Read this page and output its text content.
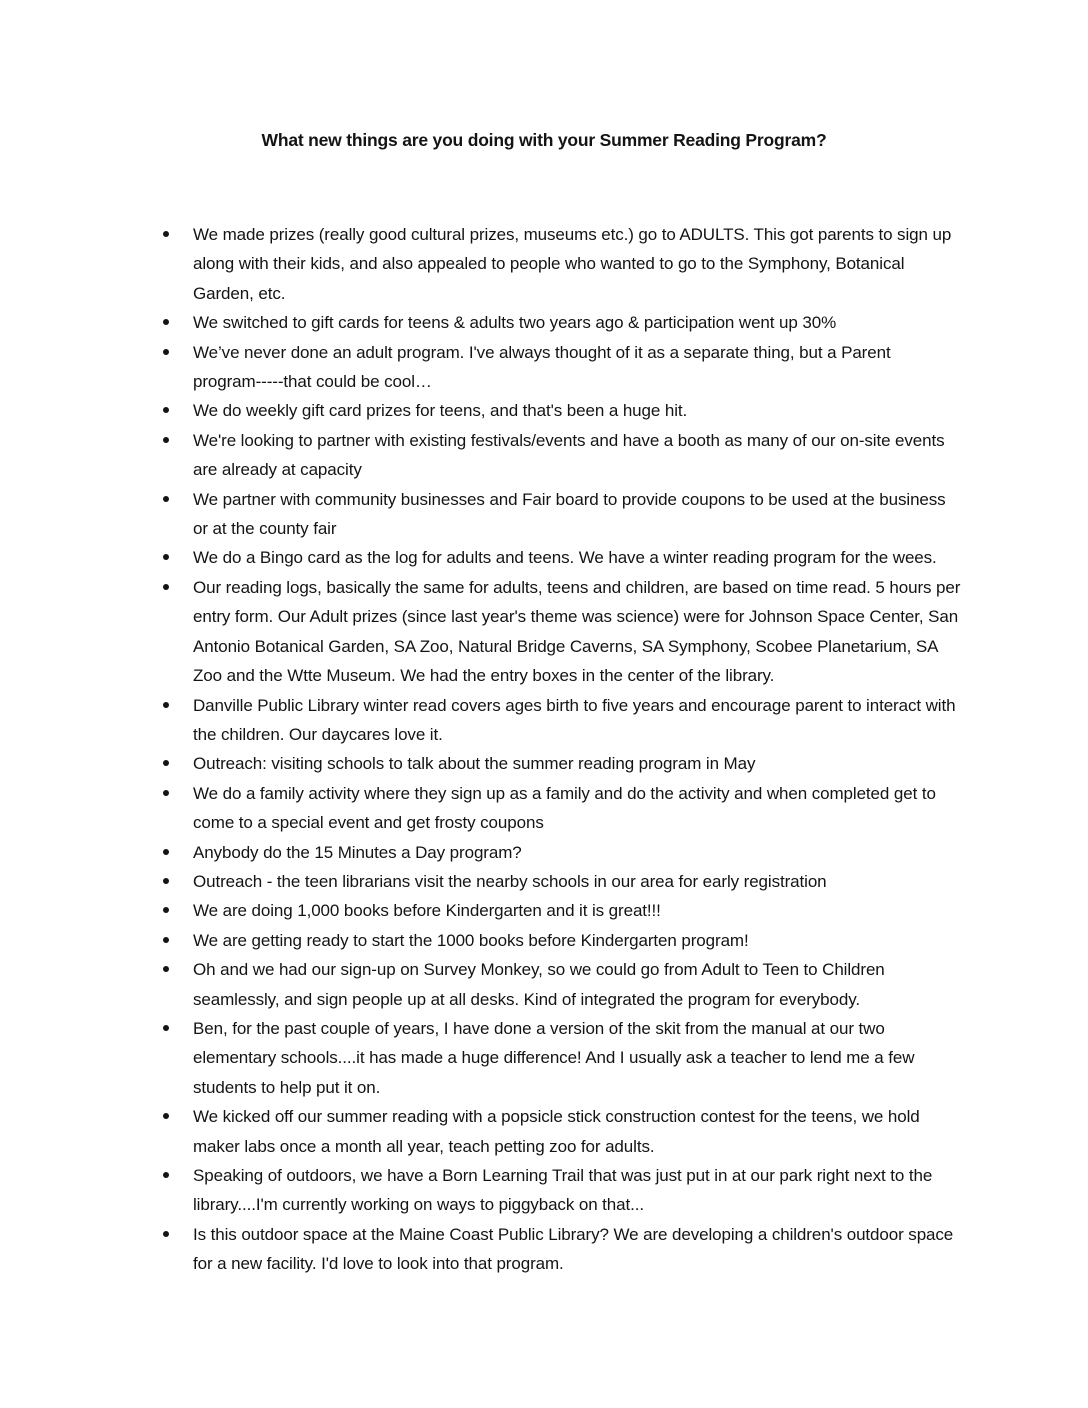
What new things are you doing with your Summer Reading Program?
We made prizes (really good cultural prizes, museums etc.) go to ADULTS. This got parents to sign up along with their kids, and also appealed to people who wanted to go to the Symphony, Botanical Garden, etc.
We switched to gift cards for teens & adults two years ago & participation went up 30%
We’ve never done an adult program. I've always thought of it as a separate thing, but a Parent program-----that could be cool…
We do weekly gift card prizes for teens, and that's been a huge hit.
We're looking to partner with existing festivals/events and have a booth as many of our on-site events are already at capacity
We partner with community businesses and Fair board to provide coupons to be used at the business or at the county fair
We do a Bingo card as the log for adults and teens. We have a winter reading program for the wees.
Our reading logs, basically the same for adults, teens and children, are based on time read. 5 hours per entry form. Our Adult prizes (since last year's theme was science) were for Johnson Space Center, San Antonio Botanical Garden, SA Zoo, Natural Bridge Caverns, SA Symphony, Scobee Planetarium, SA Zoo and the Wtte Museum. We had the entry boxes in the center of the library.
Danville Public Library winter read covers ages birth to five years and encourage parent to interact with the children. Our daycares love it.
Outreach: visiting schools to talk about the summer reading program in May
We do a family activity where they sign up as a family and do the activity and when completed get to come to a special event and get frosty coupons
Anybody do the 15 Minutes a Day program?
Outreach - the teen librarians visit the nearby schools in our area for early registration
We are doing 1,000 books before Kindergarten and it is great!!!
We are getting ready to start the 1000 books before Kindergarten program!
Oh and we had our sign-up on Survey Monkey, so we could go from Adult to Teen to Children seamlessly, and sign people up at all desks. Kind of integrated the program for everybody.
Ben, for the past couple of years, I have done a version of the skit from the manual at our two elementary schools....it has made a huge difference! And I usually ask a teacher to lend me a few students to help put it on.
We kicked off our summer reading with a popsicle stick construction contest for the teens, we hold maker labs once a month all year, teach petting zoo for adults.
Speaking of outdoors, we have a Born Learning Trail that was just put in at our park right next to the library....I'm currently working on ways to piggyback on that...
Is this outdoor space at the Maine Coast Public Library? We are developing a children's outdoor space for a new facility. I'd love to look into that program.
